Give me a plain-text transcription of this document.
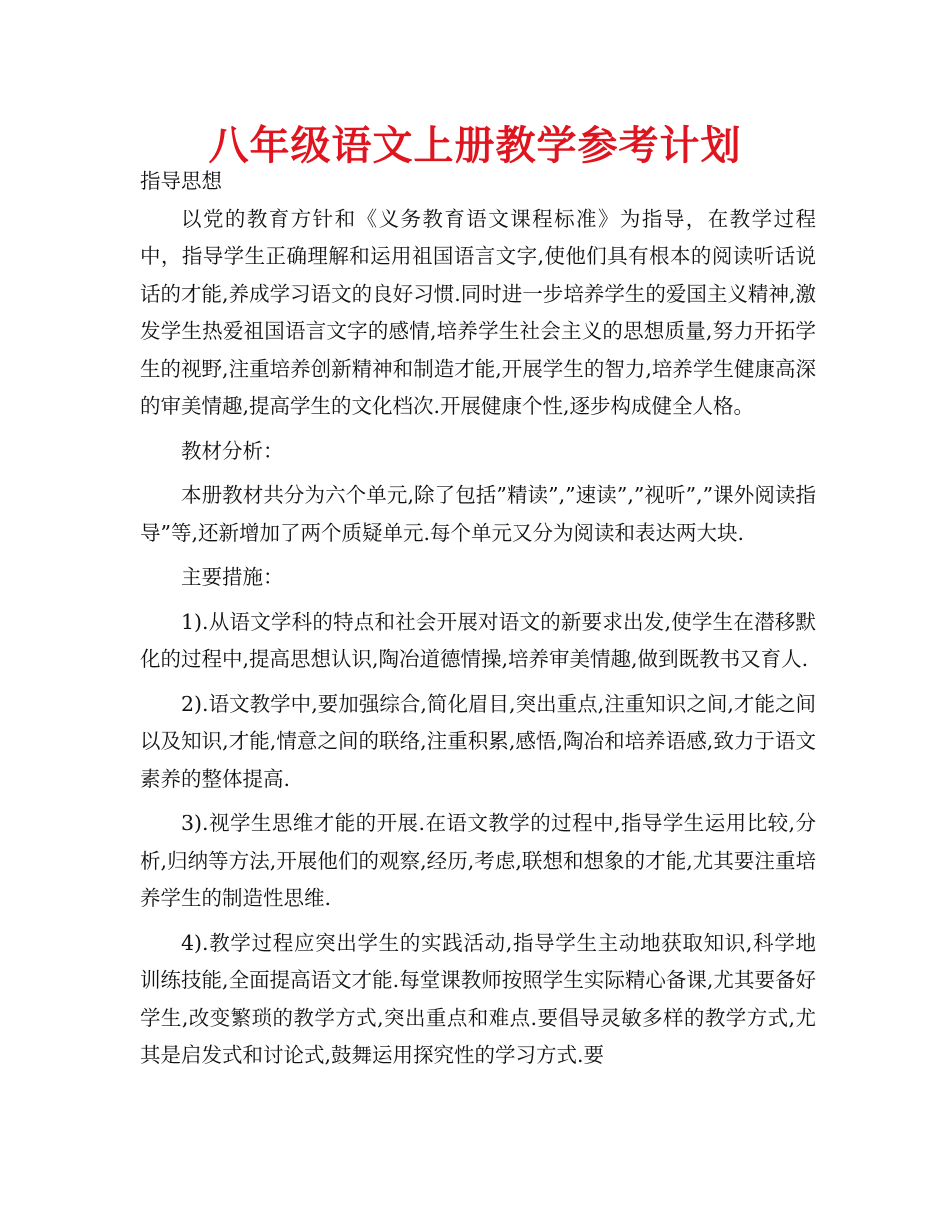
八年级语文上册教学参考计划

指导思想

以党的教育方针和《义务教育语文课程标准》为指导，在教学过程中，指导学生正确理解和运用祖国语言文字,使他们具有根本的阅读听话说话的才能,养成学习语文的良好习惯.同时进一步培养学生的爱国主义精神,激发学生热爱祖国语言文字的感情,培养学生社会主义的思想质量,努力开拓学生的视野,注重培养创新精神和制造才能,开展学生的智力,培养学生健康高深的审美情趣,提高学生的文化档次.开展健康个性,逐步构成健全人格。

教材分析：

本册教材共分为六个单元,除了包括”精读”,”速读”,”视听”,”课外阅读指导”等,还新增加了两个质疑单元.每个单元又分为阅读和表达两大块.

主要措施：

1).从语文学科的特点和社会开展对语文的新要求出发,使学生在潜移默化的过程中,提高思想认识,陶冶道德情操,培养审美情趣,做到既教书又育人.

2).语文教学中,要加强综合,简化眉目,突出重点,注重知识之间,才能之间以及知识,才能,情意之间的联络,注重积累,感悟,陶冶和培养语感,致力于语文素养的整体提高.

3).视学生思维才能的开展.在语文教学的过程中,指导学生运用比较,分析,归纳等方法,开展他们的观察,经历,考虑,联想和想象的才能,尤其要注重培养学生的制造性思维.

4).教学过程应突出学生的实践活动,指导学生主动地获取知识,科学地训练技能,全面提高语文才能.每堂课教师按照学生实际精心备课,尤其要备好学生,改变繁琐的教学方式,突出重点和难点.要倡导灵敏多样的教学方式,尤其是启发式和讨论式,鼓舞运用探究性的学习方式.要
